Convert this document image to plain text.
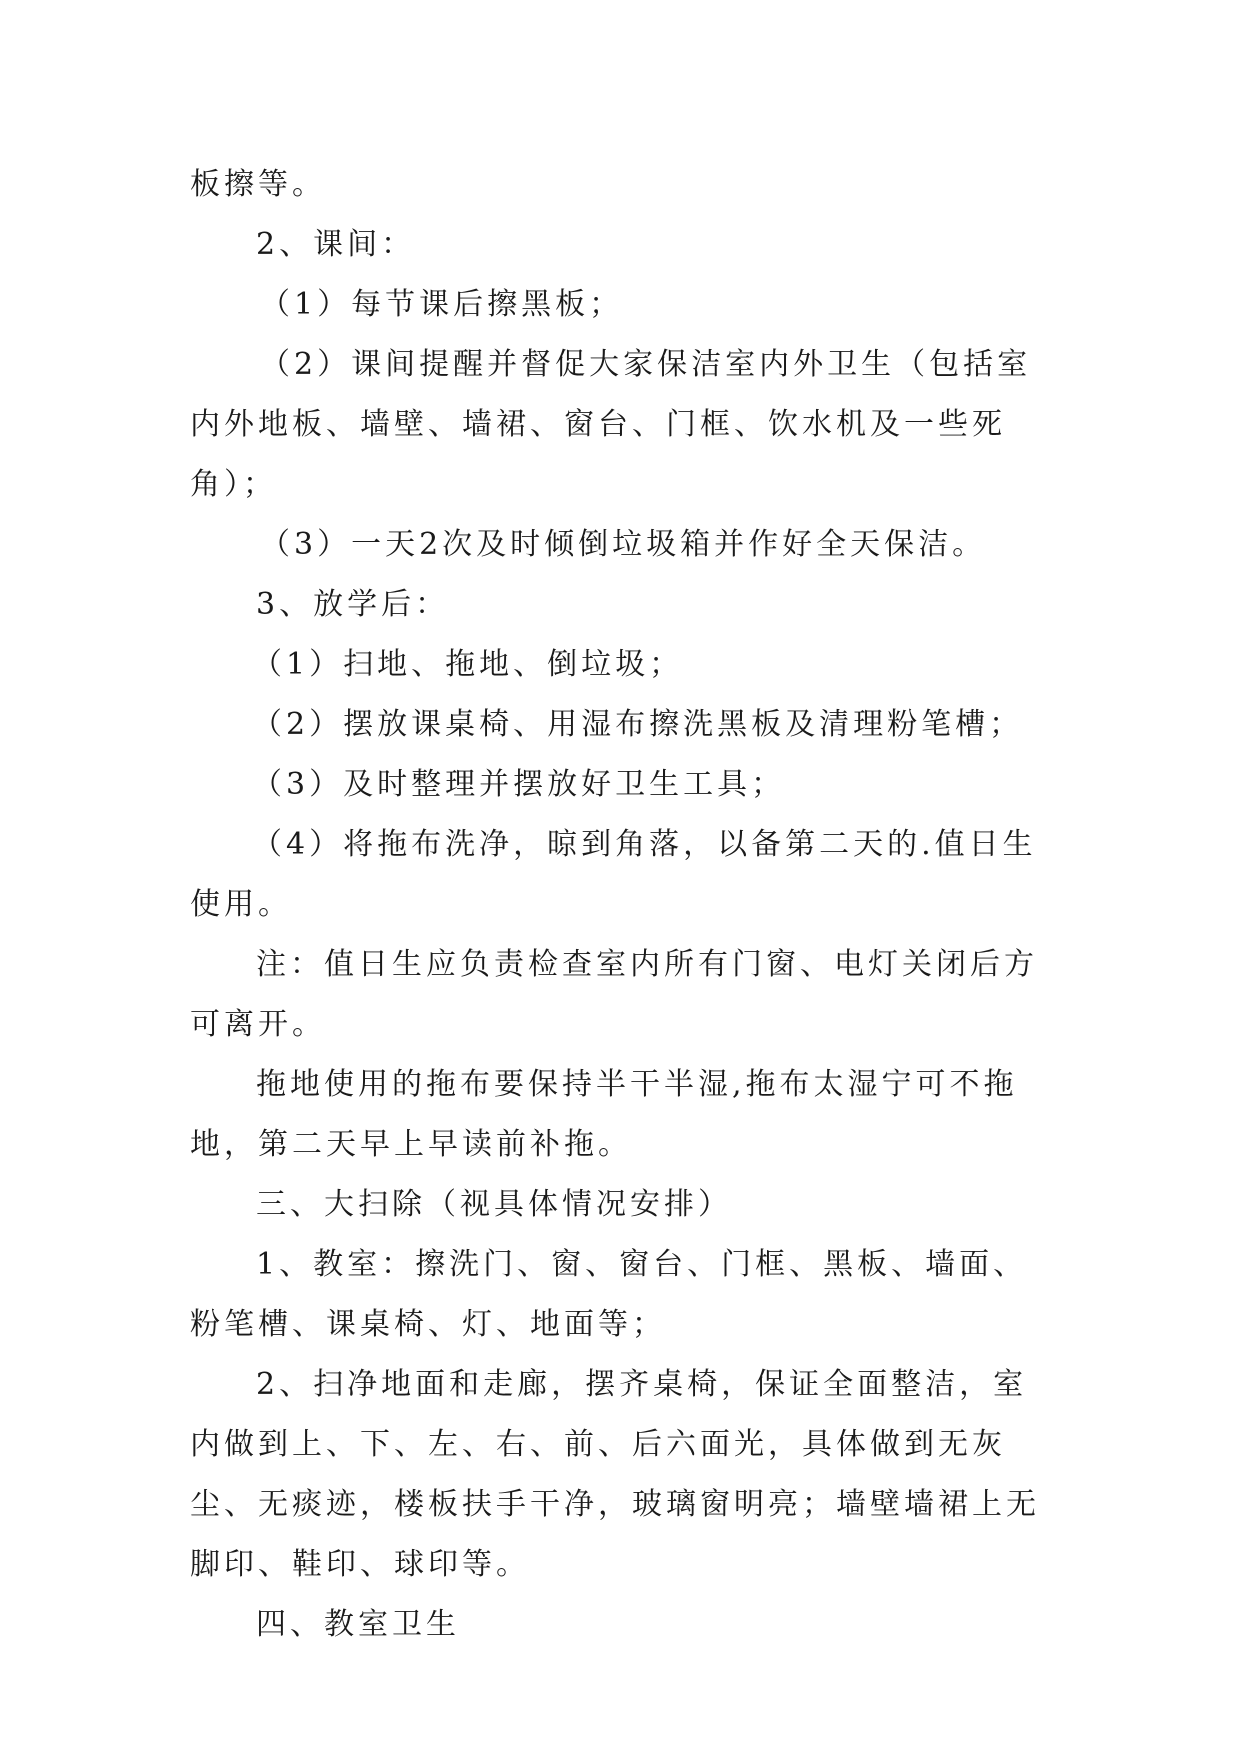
板擦等。

2、课间：

（1）每节课后擦黑板；

（2）课间提醒并督促大家保洁室内外卫生（包括室内外地板、墙壁、墙裙、窗台、门框、饮水机及一些死角）；

（3）一天2次及时倾倒垃圾箱并作好全天保洁。

3、放学后：

（1）扫地、拖地、倒垃圾；

（2）摆放课桌椅、用湿布擦洗黑板及清理粉笔槽；

（3）及时整理并摆放好卫生工具；

（4）将拖布洗净，晾到角落，以备第二天的.值日生使用。

注：值日生应负责检查室内所有门窗、电灯关闭后方可离开。

拖地使用的拖布要保持半干半湿,拖布太湿宁可不拖地，第二天早上早读前补拖。

三、大扫除（视具体情况安排）

1、教室：擦洗门、窗、窗台、门框、黑板、墙面、粉笔槽、课桌椅、灯、地面等；

2、扫净地面和走廊，摆齐桌椅，保证全面整洁，室内做到上、下、左、右、前、后六面光，具体做到无灰尘、无痰迹，楼板扶手干净，玻璃窗明亮；墙壁墙裙上无脚印、鞋印、球印等。

四、教室卫生
